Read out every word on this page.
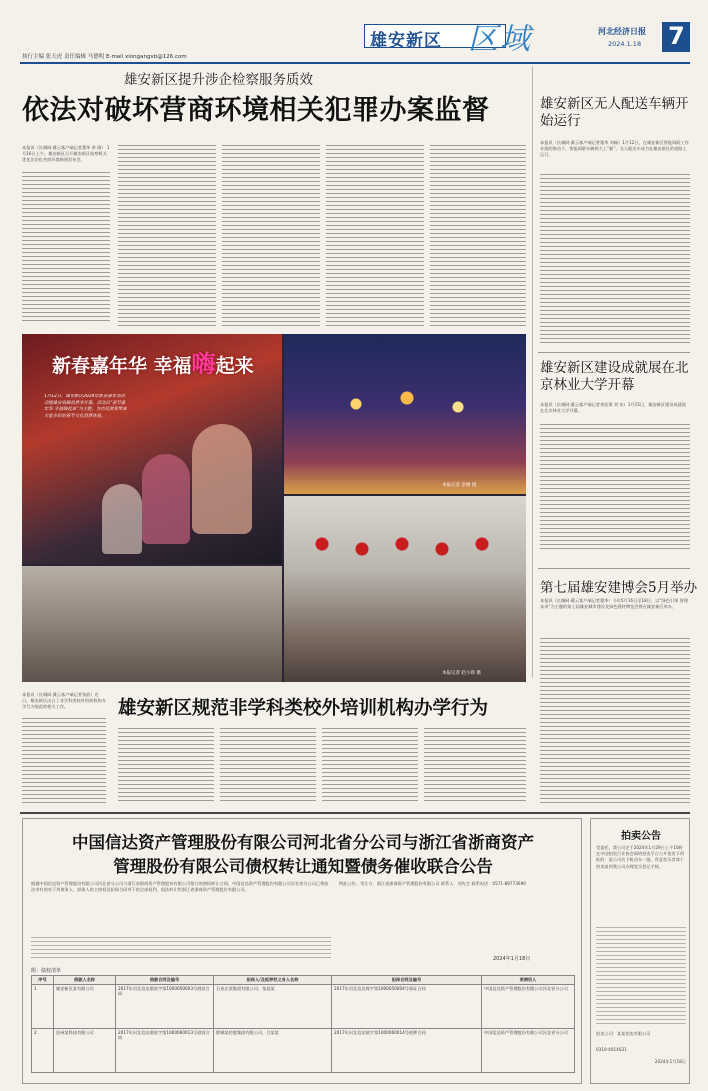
执行主编 张天虎 责任编辑 马德明 E-mail xiongangxb@126.com
雄安新区 区域	河北经济日报
2024.1.18 7
雄安新区提升涉企检察服务质效
依法对破坏营商环境相关犯罪办案监督
本报讯（长城网·冀云客户端记者董华 余 刚） 1月16日上午，雄安新区召开雄安新区检察机关优化法治化营商环境新闻发布会。
本报记者 余刚 摄
本报记者 赵小锋 摄
新春嘉年华 幸福嗨起来
1月12日，雄安新区2024年新春嘉年华活动暨雄安商圈消费季开幕。活动以“春节嘉年华 幸福嗨起来”为主题，为市民游客带来丰富多彩的春节文化消费体验。
雄安新区无人配送车辆开始运行
本报讯（长城网·冀云客户端记者董华 刘畅）1月12日，在雄安新区智能网联工作专班的推动下，智能网联车辆两大上“新”，无人配送车成为在雄安新区的道路上运行。
雄安新区建设成就展在北京林业大学开幕
本报讯（长城网·冀云客户端记者李佳琪 刘 东）1月15日，雄安新区建设成就展在北京林业大学开幕。
第七届雄安建博会5月举办
本报讯（长城网·冀云客户端记者董华）今年5月16日至18日，以“绿色引领 智建未来”为主题的第七届雄安城市建设及绿色建材博览会将在雄安新区举办。
本报讯（长城网·冀云客户端记者张韵）近日，雄安新区出台了非学科类校外培训机构办学行为规范的相关工作。	雄安新区规范非学科类校外培训机构办学行为
中国信达资产管理股份有限公司河北省分公司与浙江省浙商资产
管理股份有限公司债权转让通知暨债务催收联合公告
根据中国信达资产管理股份有限公司河北省分公司与浙江省浙商资产管理股份有限公司签订的债权转让合同，中国信达资产管理股份有限公司河北省分公司已将依法享有的对下列债务人、担保人的主债权及担保合同项下的全部权利，依法转让给浙江省浙商资产管理股份有限公司。
特此公告。受让方：浙江省浙商资产管理股份有限公司 联系人：刘先生 联系电话：0571-89773690
2024年1月18日
附：债权清单
序号	借款人名称	借款合同及编号	担保人/及抵押权义务人名称	担保合同及编号	原债权人
1	雄安新区某有限公司	2017年河北信达借款字第1000050003号借款合同	石家庄某集团有限公司、张某某	2017年河北信达保字第1000050004号保证合同	中国信达资产管理股份有限公司河北省分公司
2	沧州某科技有限公司	2017年河北信达借款字第1000060013号借款合同	邯郸某控股集团有限公司、吕某某	2017年河北信达抵字第1000060014号抵押合同	中国信达资产管理股份有限公司河北省分公司
拍卖公告
受委托，我公司定于2024年1月29日上午10时在中国拍卖行业协会网络拍卖平台公开拍卖下列标的：某公司名下机动车一批。有意竞买者请于拍卖前到我公司办理竞买登记手续。
拍卖公司：某某拍卖有限公司
0310-4014631
2024年1月18日
